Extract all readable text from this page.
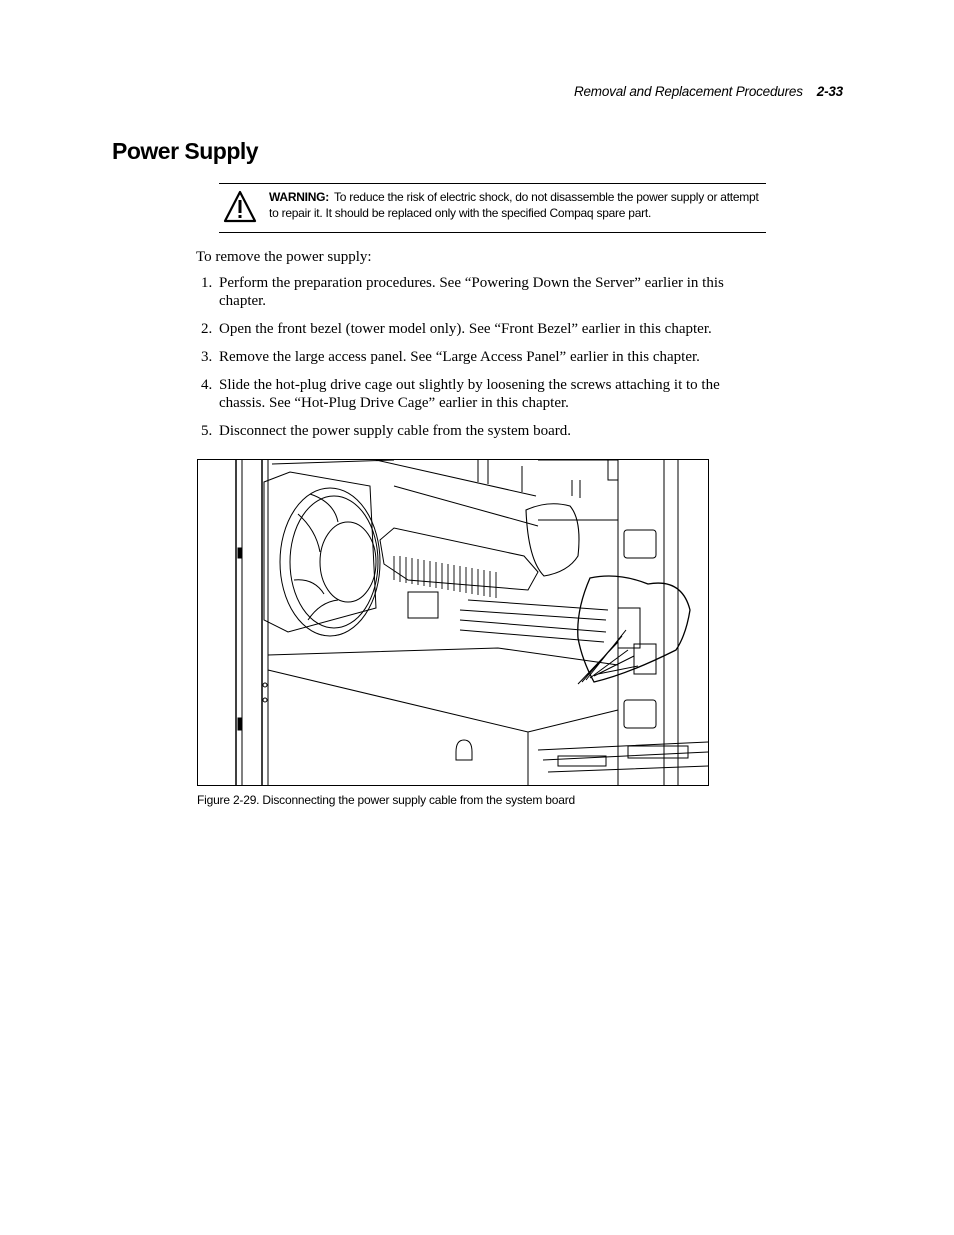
Removal and Replacement Procedures 2-33
Power Supply
WARNING: To reduce the risk of electric shock, do not disassemble the power supply or attempt to repair it. It should be replaced only with the specified Compaq spare part.
To remove the power supply:
1. Perform the preparation procedures. See “Powering Down the Server” earlier in this chapter.
2. Open the front bezel (tower model only). See “Front Bezel” earlier in this chapter.
3. Remove the large access panel. See “Large Access Panel” earlier in this chapter.
4. Slide the hot-plug drive cage out slightly by loosening the screws attaching it to the chassis. See “Hot-Plug Drive Cage” earlier in this chapter.
5. Disconnect the power supply cable from the system board.
Figure 2-29. Disconnecting the power supply cable from the system board
